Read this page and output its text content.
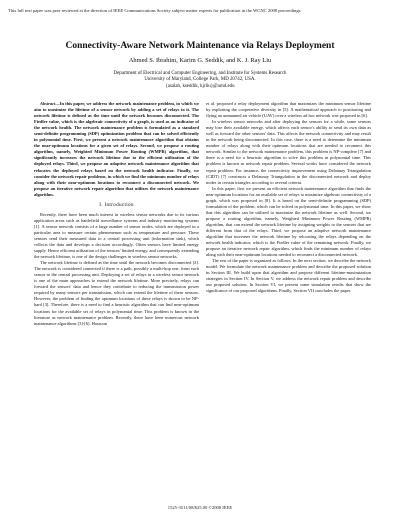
This full text paper was peer reviewed at the direction of IEEE Communications Society subject matter experts for publication in the WCNC 2008 proceedings.
Connectivity-Aware Network Maintenance via Relays Deployment
Ahmed S. Ibrahim, Karim G. Seddik, and K. J. Ray Liu
Department of Electrical and Computer Engineering, and Institute for Systems Research
University of Maryland, College Park, MD 20742, USA.
{asalah, kseddik, kjrliu}@umd.edu

Abstract—In this paper, we address the network maintenance problem, in which we aim to maximize the lifetime of a sensor network by adding a set of relays to it. The network lifetime is defined as the time until the network becomes disconnected. The Fiedler value, which is the algebraic connectivity of a graph, is used as an indicator of the network health. The network maintenance problem is formulated as a standard semi-definite programming (SDP) optimization problem that can be solved efficiently in polynomial time. First, we present a network maintenance algorithm that obtains the near-optimum locations for a given set of relays. Second, we propose a routing algorithm, namely, Weighted Minimum Power Routing (WMPR) algorithm, that significantly increases the network lifetime due to the efficient utilization of the deployed relays. Third, we propose an adaptive network maintenance algorithm that relocates the deployed relays based on the network health indicator. Finally, we consider the network repair problems, in which we find the minimum number of relays along with their near-optimum locations to reconnect a disconnected network. We propose an iterative network repair algorithm that utilizes the network maintenance algorithm.

I. Introduction

Recently, there have been much interest in wireless sensor networks due to its various application areas such as battlefield surveillance systems and industry monitoring systems [1]. A sensor network consists of a large number of sensor nodes, which are deployed in a particular area to measure certain phenomenon such as temperature and pressure. These sensors send their measured data to a central processing unit (information sink), which collects the data and develops a decision accordingly. Often sensors have limited energy supply. Hence efficient utilization of the sensors' limited energy, and consequently extending the network lifetime, is one of the design challenges in wireless sensor networks.

The network lifetime is defined as the time until the network becomes disconnected [2]. The network is considered connected if there is a path, possibly a multi-hop one, from each sensor to the central processing unit. Deploying a set of relays in a wireless sensor network is one of the main approaches to extend the network lifetime. More precisely, relays can forward the sensors' data and hence they contribute to reducing the transmission power required by many sensors per transmission, which can extend the lifetime of these sensors. However, the problem of finding the optimum locations of these relays is shown to be NP-hard [3]. Therefore, there is a need to find a heuristic algorithm that can find near-optimum locations for the available set of relays in polynomial time. This problem is known in the literature as network maintenance problem. Recently, there have been numerous network maintenance algorithms [3]-[6]. Hassoun

et al. proposed a relay deployment algorithm that maximizes the minimum sensor lifetime by exploiting the cooperative diversity in [5]. A mathematical approach to positioning and flying an unmanned air vehicle (UAV) over a wireless ad hoc network was proposed in [6].

In wireless sensor networks and after deploying the sensors for a while, some sensors may lose their available energy, which affects each sensor's ability to send its own data as well as forward the other sensors' data. This affects the network connectivity and may result in the network being disconnected. In this case, there is a need to determine the minimum number of relays along with their optimum locations that are needed to reconnect this network. Similar to the network maintenance problem, this problem is NP-complete [7] and there is a need for a heuristic algorithm to solve this problem in polynomial time. This problem is known as network repair problem. Several works have considered the network repair problem. For instance, the connectivity improvement using Delaunay Triangulation (CIDT) [7] constructs a Delaunay Triangulation in the disconnected network and deploy nodes in certain triangles according to several criteria.

In this paper, first we present an efficient network maintenance algorithm that finds the near-optimum locations for an available set of relays to maximize algebraic connectivity of a graph, which was proposed in [8]. It is based on the semi-definite programming (SDP) formulation of the problem, which can be solved in polynomial time. In this paper, we show that this algorithm can be utilized to maximize the network lifetime as well. Second, we propose a routing algorithm, namely, Weighted Minimum Power Routing (WMPR) algorithm, that can extend the network lifetime by assigning weights to the sensors that are different from that of the relays. Third, we propose an adaptive network maintenance algorithm that increases the network lifetime by relocating the relays depending on the network health indicator, which is the Fiedler value of the remaining network. Finally, we propose an iterative network repair algorithm, which finds the minimum number of relays along with their near-optimum locations needed to reconnect a disconnected network.

The rest of the paper is organized as follows. In the next section, we describe the network model. We formulate the network maintenance problem and describe the proposed solution in Section III. We build upon that algorithm and propose different lifetime-maximization strategies in Section IV. In Section V, we address the network repair problem and describe our proposed solution. In Section VI, we present some simulation results that show the significance of our proposed algorithms. Finally, Section VII concludes the paper.

1525-3511/08/$25.00 ©2008 IEEE
